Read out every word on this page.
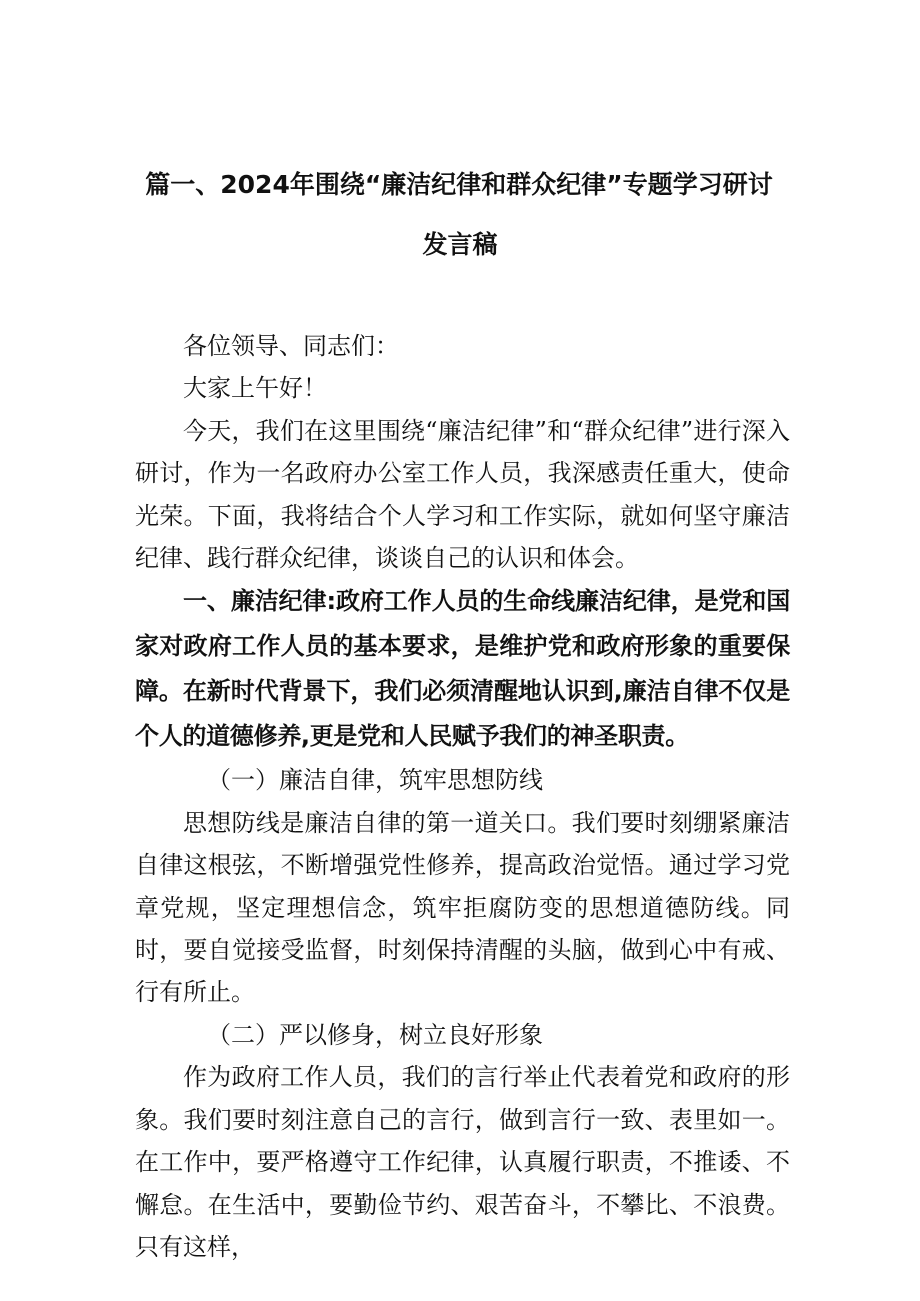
篇一、2024年围绕“廉洁纪律和群众纪律”专题学习研讨
发言稿

各位领导、同志们：

大家上午好！

今天，我们在这里围绕“廉洁纪律”和“群众纪律”进行深入研讨，作为一名政府办公室工作人员，我深感责任重大，使命光荣。下面，我将结合个人学习和工作实际，就如何坚守廉洁纪律、践行群众纪律，谈谈自己的认识和体会。

一、廉洁纪律:政府工作人员的生命线廉洁纪律，是党和国家对政府工作人员的基本要求，是维护党和政府形象的重要保障。在新时代背景下，我们必须清醒地认识到,廉洁自律不仅是个人的道德修养,更是党和人民赋予我们的神圣职责。

（一）廉洁自律，筑牢思想防线

思想防线是廉洁自律的第一道关口。我们要时刻绷紧廉洁自律这根弦，不断增强党性修养，提高政治觉悟。通过学习党章党规，坚定理想信念，筑牢拒腐防变的思想道德防线。同时，要自觉接受监督，时刻保持清醒的头脑，做到心中有戒、行有所止。

（二）严以修身，树立良好形象

作为政府工作人员，我们的言行举止代表着党和政府的形象。我们要时刻注意自己的言行，做到言行一致、表里如一。在工作中，要严格遵守工作纪律，认真履行职责，不推诿、不懈怠。在生活中，要勤俭节约、艰苦奋斗，不攀比、不浪费。只有这样，
